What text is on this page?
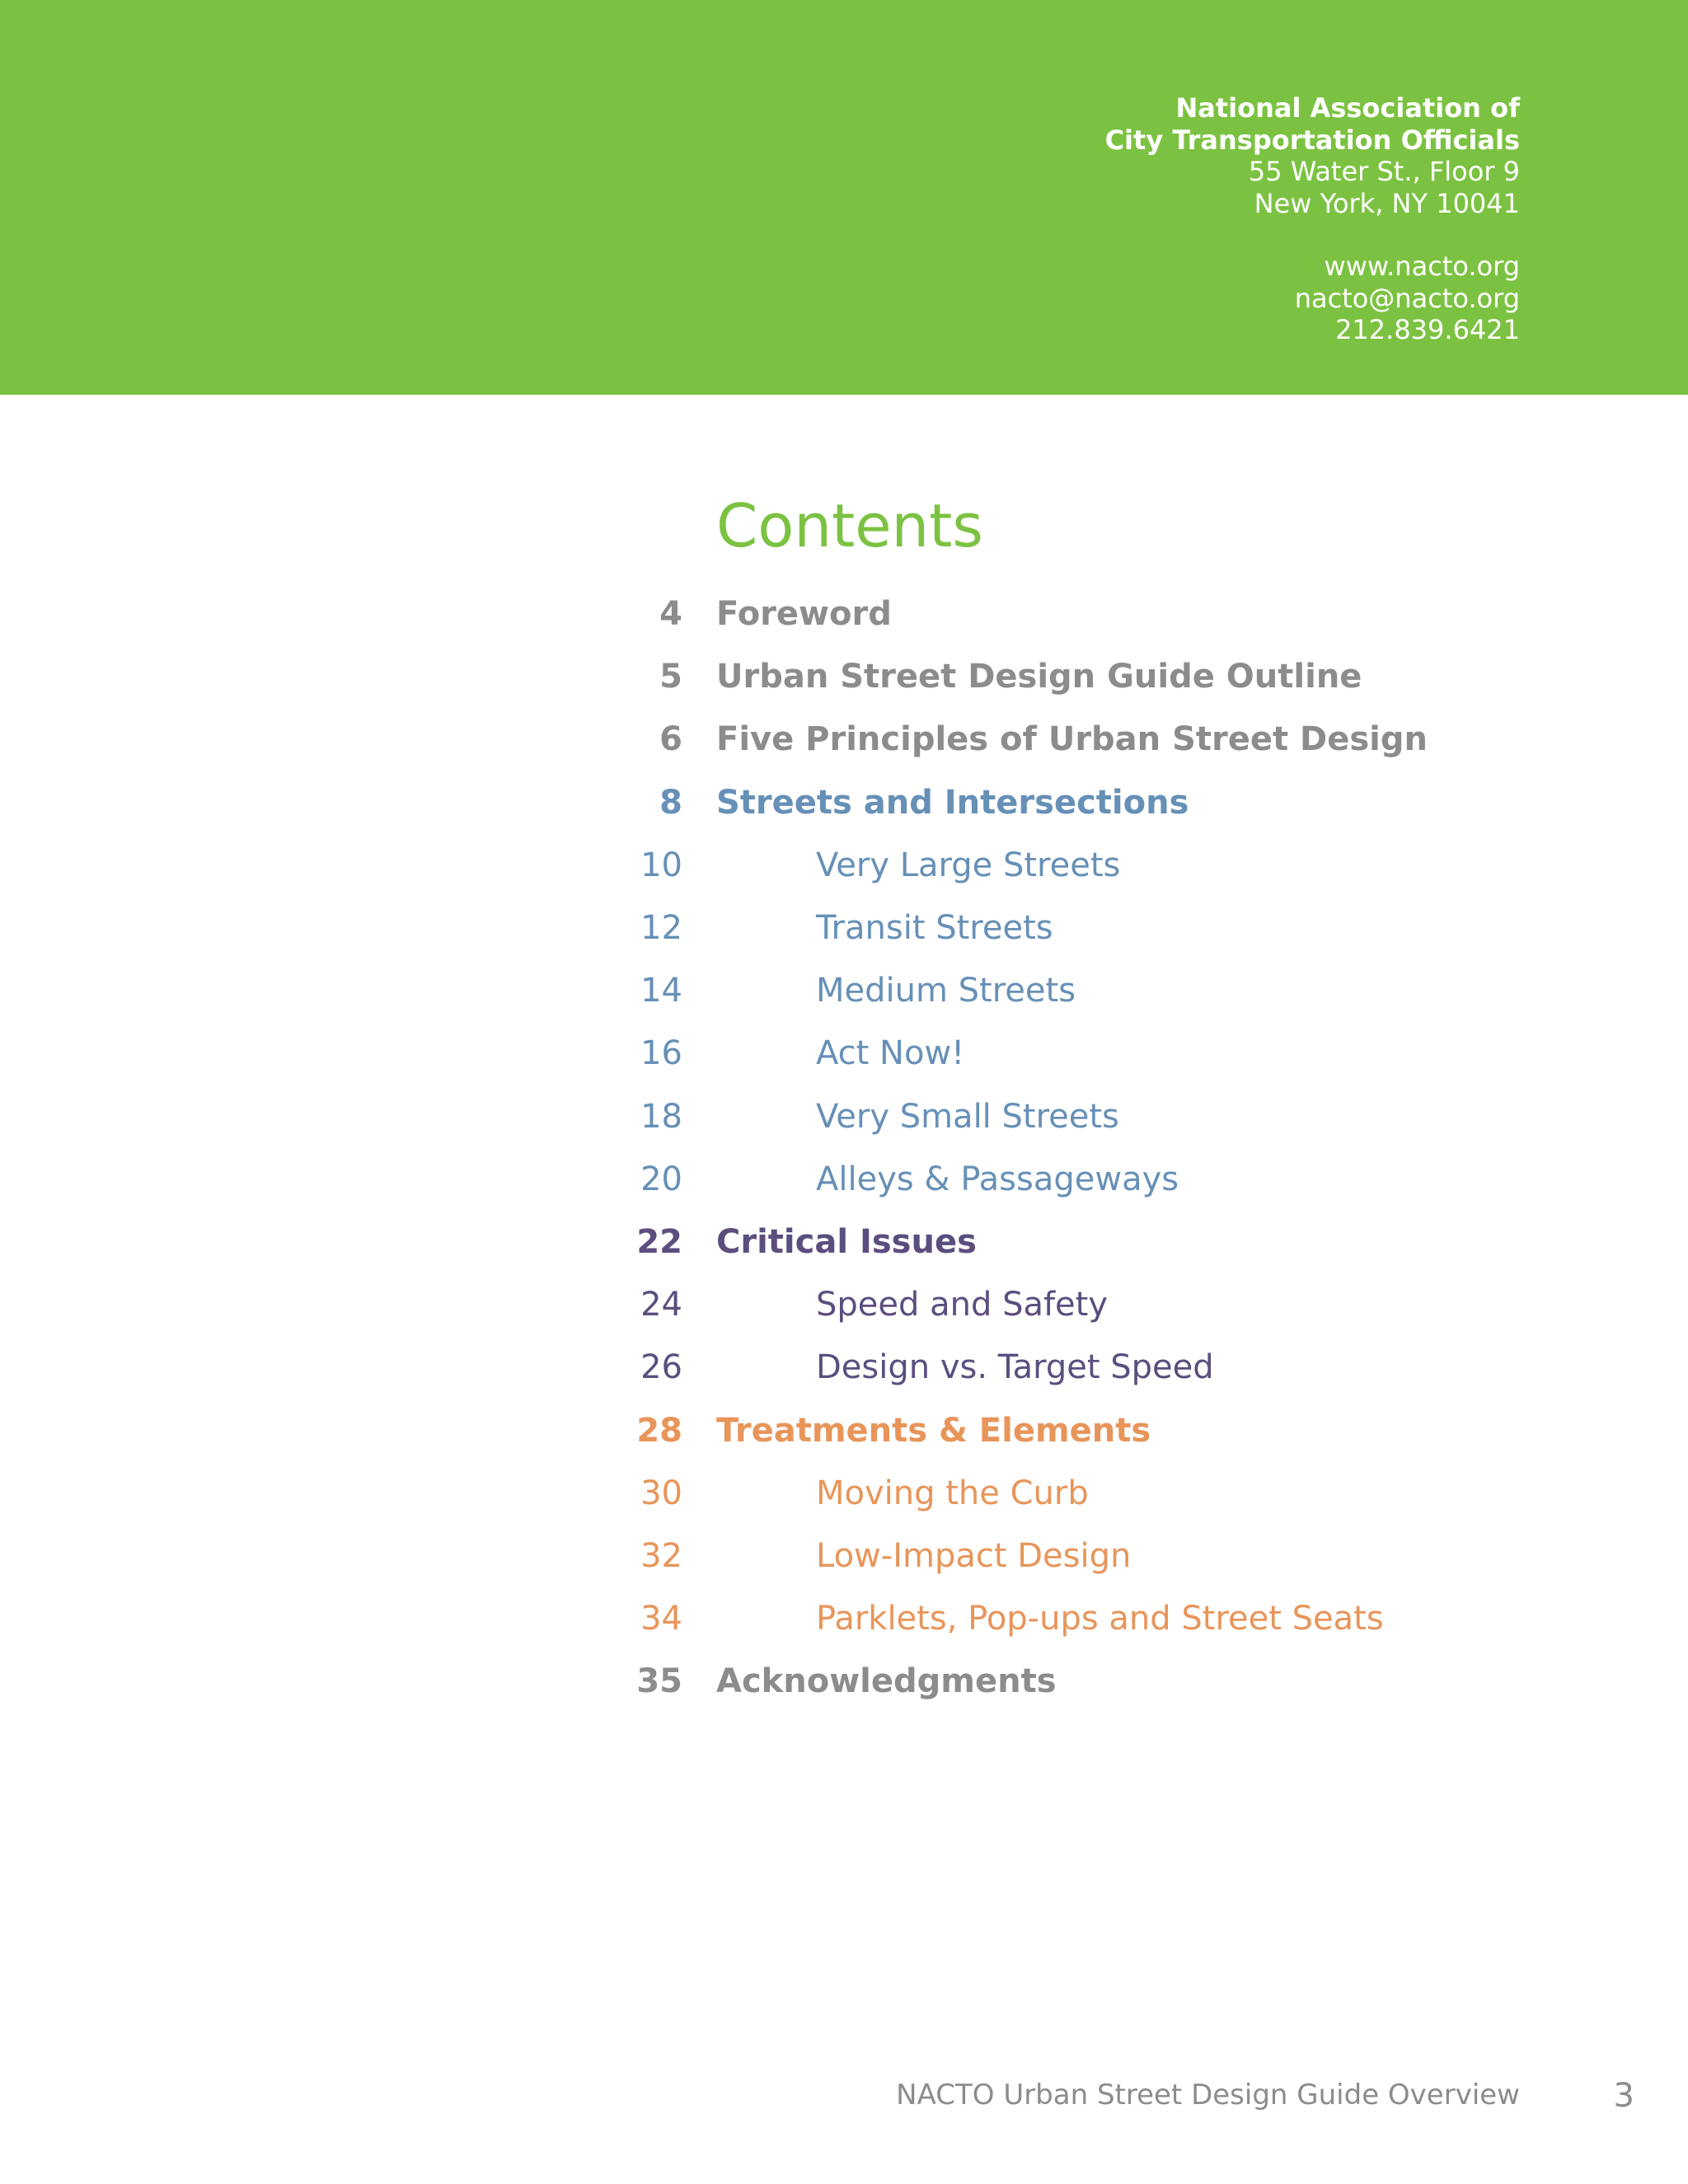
National Association of
City Transportation Officials
55 Water St., Floor 9
New York, NY 10041
www.nacto.org
nacto@nacto.org
212.839.6421
Contents
4 Foreword
5 Urban Street Design Guide Outline
6 Five Principles of Urban Street Design
8 Streets and Intersections
10	Very Large Streets
12	Transit Streets
14	Medium Streets
16	Act Now!
18	Very Small Streets
20	Alleys & Passageways
22 Critical Issues
24	Speed and Safety
26	Design vs. Target Speed
28 Treatments & Elements
30	Moving the Curb
32	Low-Impact Design
34	Parklets, Pop-ups and Street Seats
35 Acknowledgments
NACTO Urban Street Design Guide Overview	3
